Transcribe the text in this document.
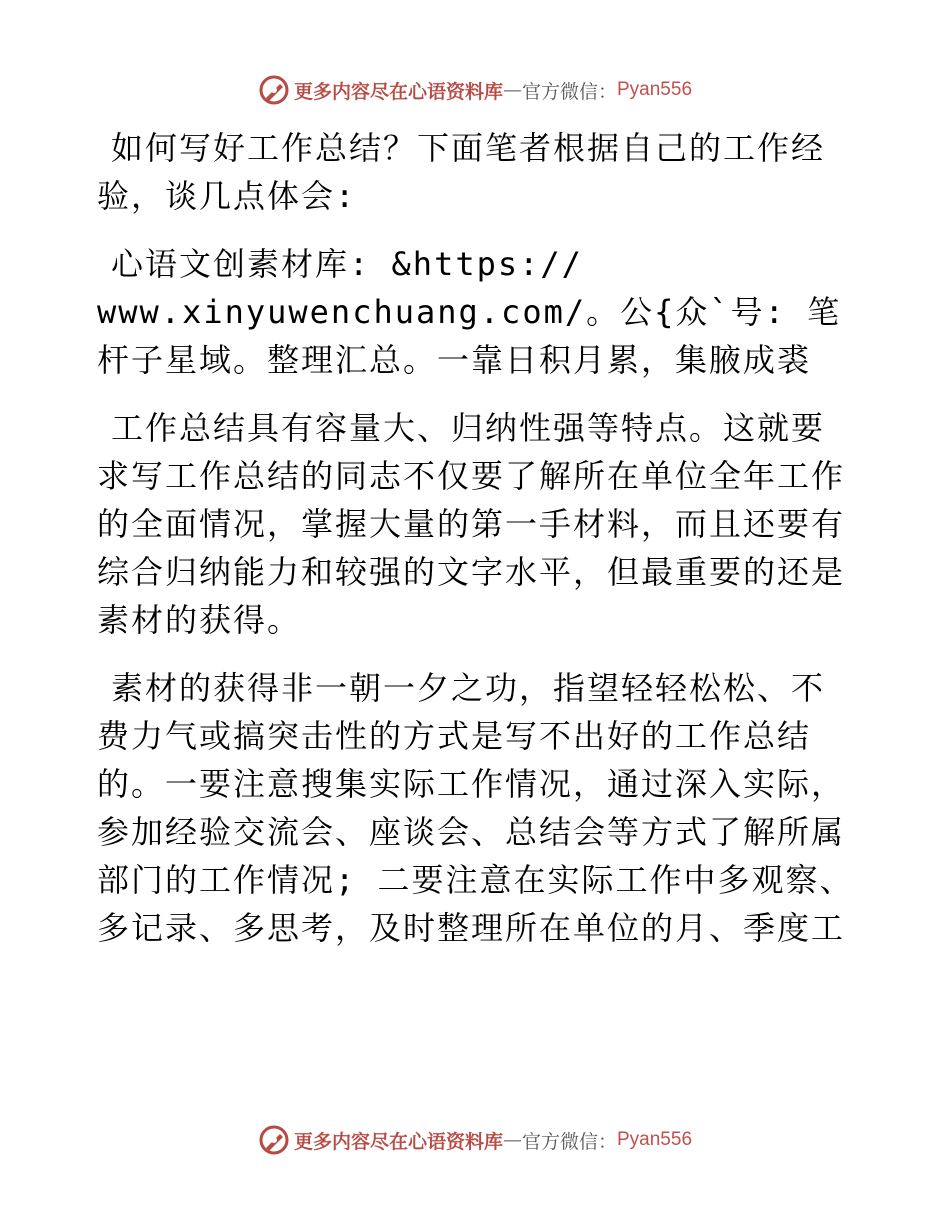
更多内容尽在心语资料库 — 官方微信： Pyan556

如何写好工作总结？下面笔者根据自己的工作经验，谈几点体会:

心语文创素材库: &https://
www.xinyuwenchuang.com/。公{众`号: 笔杆子星域。整理汇总。一靠日积月累，集腋成裘

工作总结具有容量大、归纳性强等特点。这就要求写工作总结的同志不仅要了解所在单位全年工作的全面情况，掌握大量的第一手材料，而且还要有综合归纳能力和较强的文字水平，但最重要的还是素材的获得。

素材的获得非一朝一夕之功，指望轻轻松松、不费力气或搞突击性的方式是写不出好的工作总结的。一要注意搜集实际工作情况，通过深入实际，参加经验交流会、座谈会、总结会等方式了解所属部门的工作情况; 二要注意在实际工作中多观察、多记录、多思考，及时整理所在单位的月、季度工

更多内容尽在心语资料库 — 官方微信： Pyan556
